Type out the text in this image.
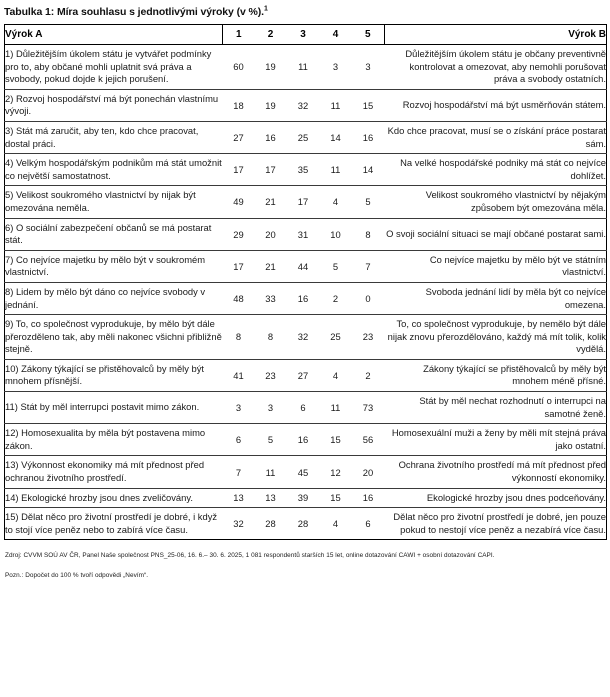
Tabulka 1: Míra souhlasu s jednotlivými výroky (v %).$^1$
Výrok A	1	2	3	4	5	Výrok B
1) Důležitějším úkolem státu je vytvářet podmínky pro to, aby občané mohli uplatnit svá práva a svobody, pokud dojde k jejich porušení.	60	19	11	3	3	Důležitějším úkolem státu je občany preventivně kontrolovat a omezovat, aby nemohli porušovat práva a svobody ostatních.
2) Rozvoj hospodářství má být ponechán vlastnímu vývoji.	18	19	32	11	15	Rozvoj hospodářství má být usměrňován státem.
3) Stát má zaručit, aby ten, kdo chce pracovat, dostal práci.	27	16	25	14	16	Kdo chce pracovat, musí se o získání práce postarat sám.
4) Velkým hospodářským podnikům má stát umožnit co největší samostatnost.	17	17	35	11	14	Na velké hospodářské podniky má stát co nejvíce dohlížet.
5) Velikost soukromého vlastnictví by nijak být omezována neměla.	49	21	17	4	5	Velikost soukromého vlastnictví by nějakým způsobem být omezována měla.
6) O sociální zabezpečení občanů se má postarat stát.	29	20	31	10	8	O svoji sociální situaci se mají občané postarat sami.
7) Co nejvíce majetku by mělo být v soukromém vlastnictví.	17	21	44	5	7	Co nejvíce majetku by mělo být ve státním vlastnictví.
8) Lidem by mělo být dáno co nejvíce svobody v jednání.	48	33	16	2	0	Svoboda jednání lidí by měla být co nejvíce omezena.
9) To, co společnost vyprodukuje, by mělo být dále přerozděleno tak, aby měli nakonec všichni přibližně stejně.	8	8	32	25	23	To, co společnost vyprodukuje, by nemělo být dále nijak znovu přerozdělováno, každý má mít tolik, kolik vydělá.
10) Zákony týkající se přistěhovalců by měly být mnohem přísnější.	41	23	27	4	2	Zákony týkající se přistěhovalců by měly být mnohem méně přísné.
11) Stát by měl interrupci postavit mimo zákon.	3	3	6	11	73	Stát by měl nechat rozhodnutí o interrupci na samotné ženě.
12) Homosexualita by měla být postavena mimo zákon.	6	5	16	15	56	Homosexuální muži a ženy by měli mít stejná práva jako ostatní.
13) Výkonnost ekonomiky má mít přednost před ochranou životního prostředí.	7	11	45	12	20	Ochrana životního prostředí má mít přednost před výkonností ekonomiky.
14) Ekologické hrozby jsou dnes zveličovány.	13	13	39	15	16	Ekologické hrozby jsou dnes podceňovány.
15) Dělat něco pro životní prostředí je dobré, i když to stojí více peněz nebo to zabírá více času.	32	28	28	4	6	Dělat něco pro životní prostředí je dobré, jen pouze pokud to nestojí více peněz a nezabírá více času.
Zdroj: CVVM SOÚ AV ČR, Panel Naše společnost PNS_25-06, 16. 6.– 30. 6. 2025, 1 081 respondentů starších 15 let, online dotazování CAWI + osobní dotazování CAPI.
Pozn.: Dopočet do 100 % tvoří odpovědi „Nevím“.
